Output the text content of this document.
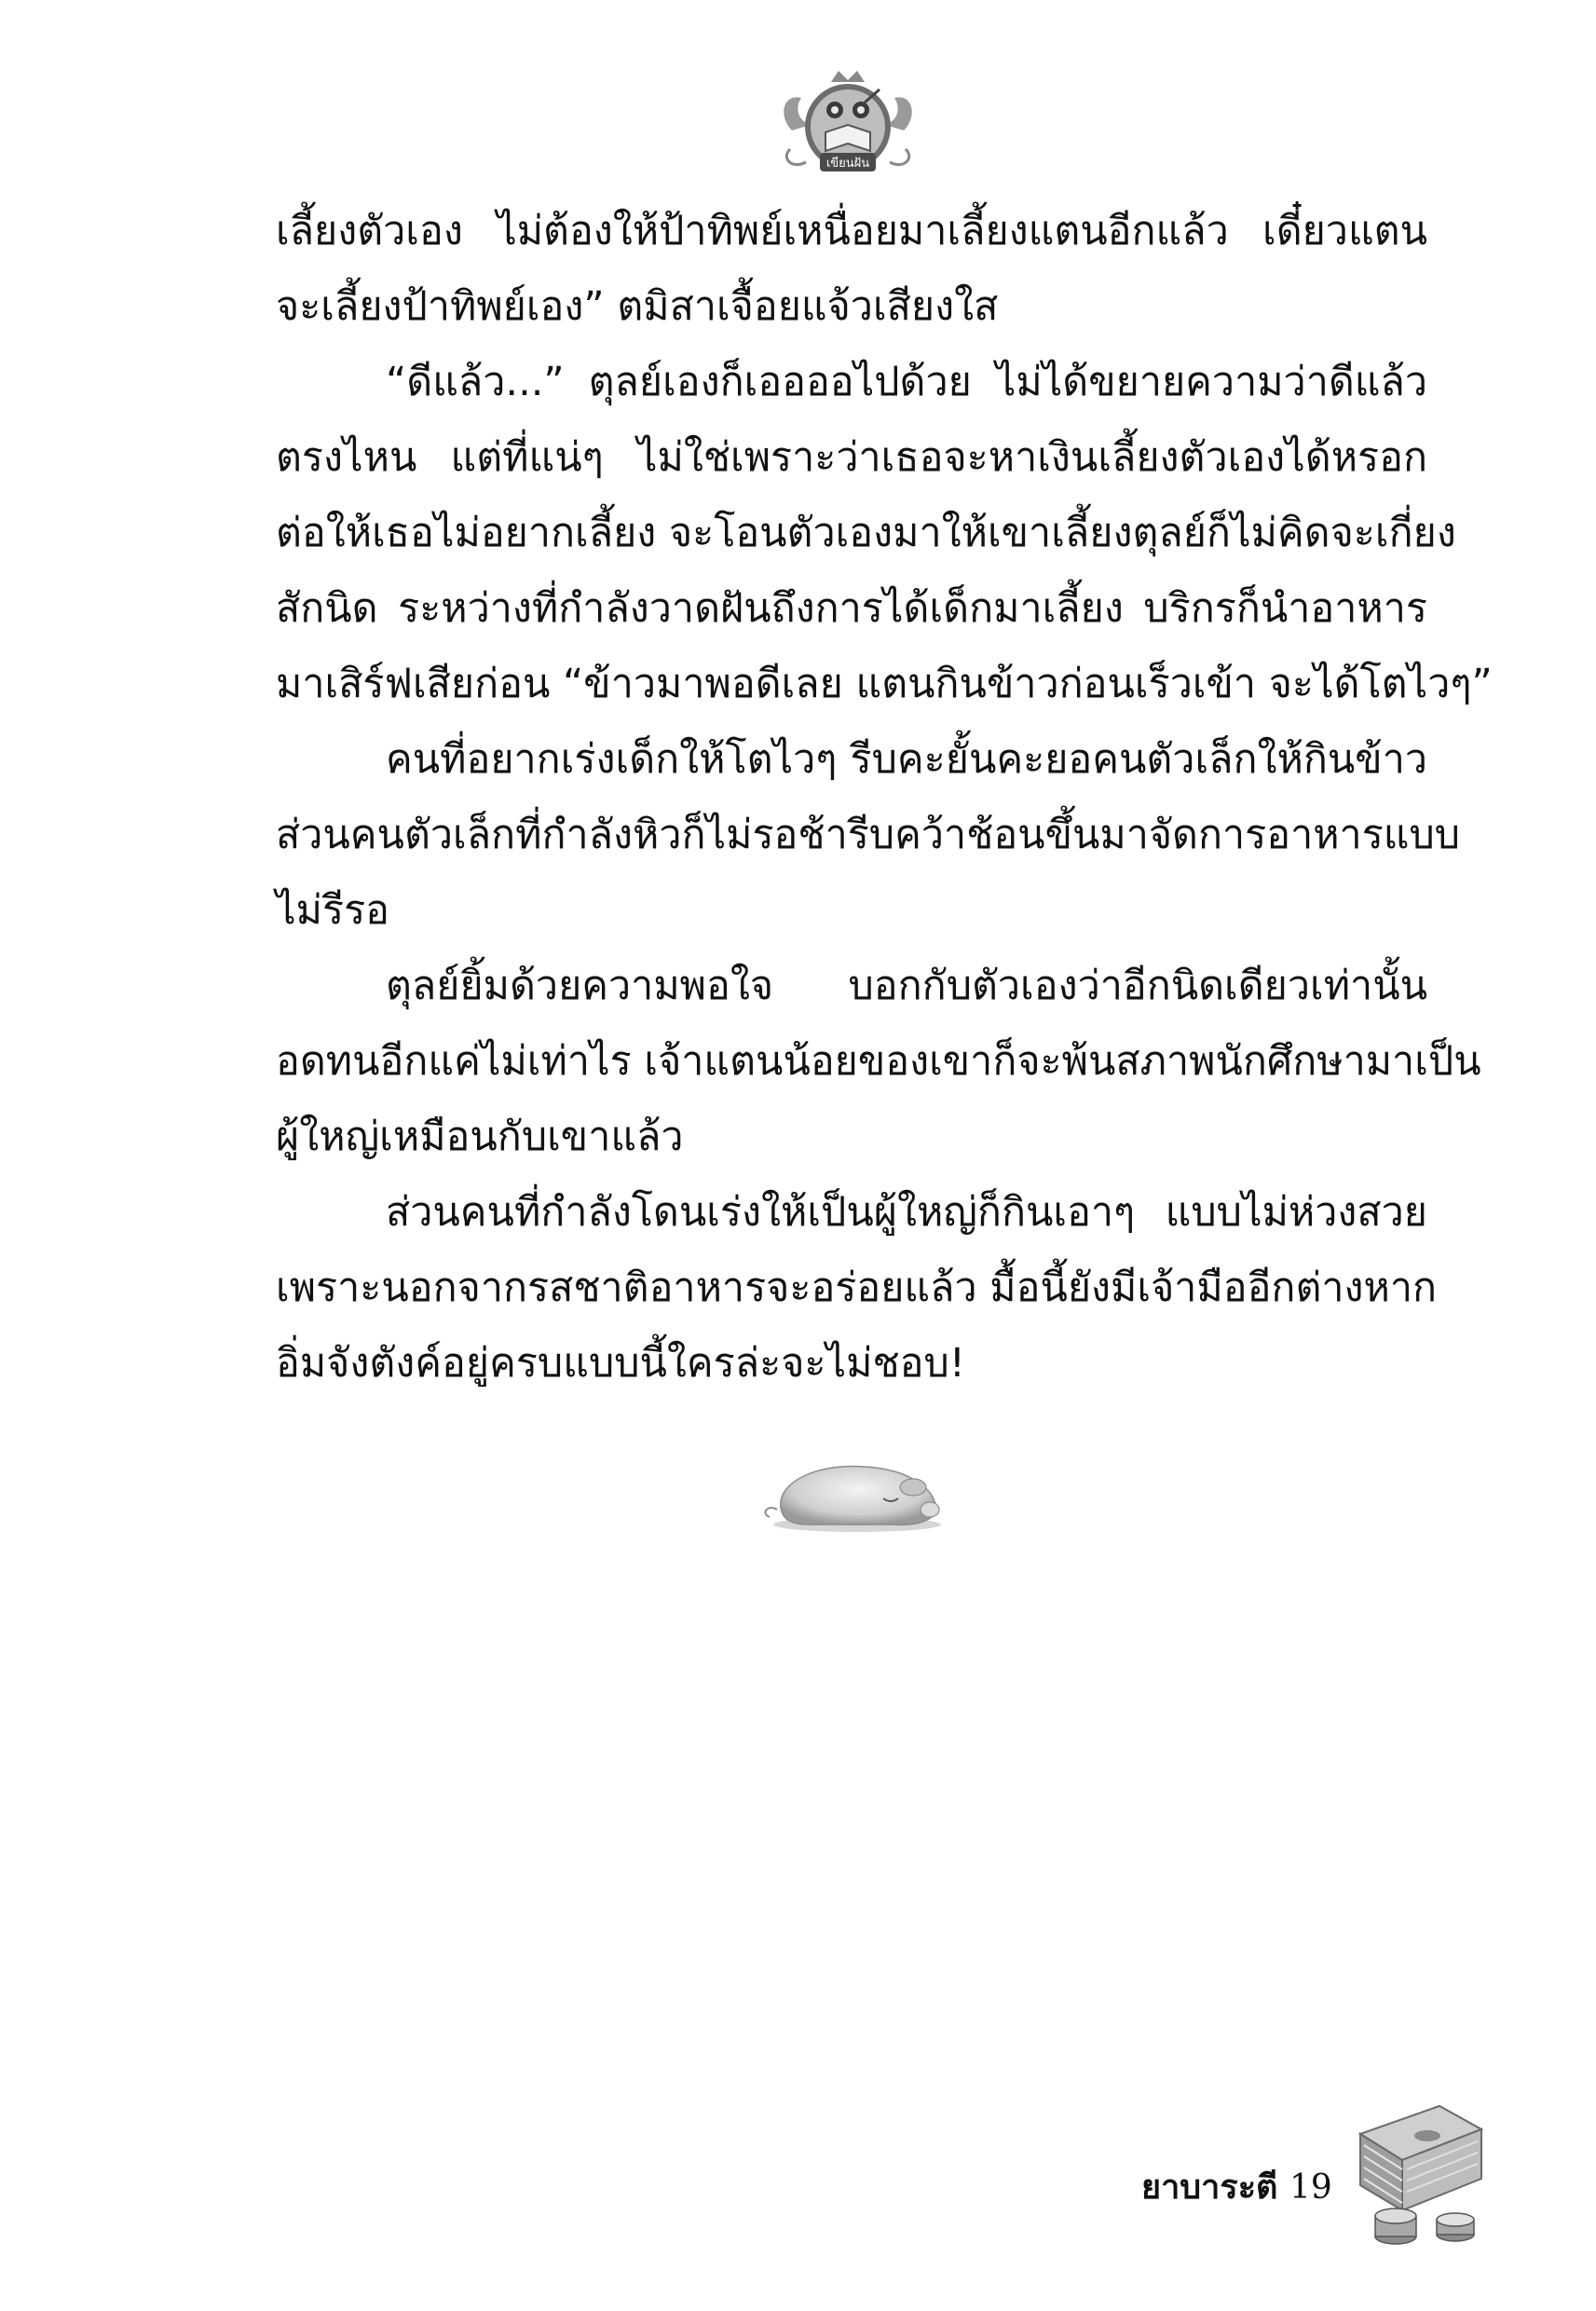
เขียนฝัน
เลี้ยงตัวเอง ไม่ต้องให้ป้าทิพย์เหนื่อยมาเลี้ยงแตนอีกแล้ว เดี๋ยวแตน
จะเลี้ยงป้าทิพย์เอง” ตมิสาเจื้อยแจ้วเสียงใส
“ดีแล้ว...” ตุลย์เองก็เออออไปด้วย ไม่ได้ขยายความว่าดีแล้ว
ตรงไหน แต่ที่แน่ๆ ไม่ใช่เพราะว่าเธอจะหาเงินเลี้ยงตัวเองได้หรอก
ต่อให้เธอไม่อยากเลี้ยง จะโอนตัวเองมาให้เขาเลี้ยงตุลย์ก็ไม่คิดจะเกี่ยง
สักนิด ระหว่างที่กำลังวาดฝันถึงการได้เด็กมาเลี้ยง บริกรก็นำอาหาร
มาเสิร์ฟเสียก่อน “ข้าวมาพอดีเลย แตนกินข้าวก่อนเร็วเข้า จะได้โตไวๆ”
คนที่อยากเร่งเด็กให้โตไวๆ รีบคะยั้นคะยอคนตัวเล็กให้กินข้าว
ส่วนคนตัวเล็กที่กำลังหิวก็ไม่รอช้ารีบคว้าช้อนขึ้นมาจัดการอาหารแบบ
ไม่รีรอ
ตุลย์ยิ้มด้วยความพอใจ บอกกับตัวเองว่าอีกนิดเดียวเท่านั้น
อดทนอีกแค่ไม่เท่าไร เจ้าแตนน้อยของเขาก็จะพ้นสภาพนักศึกษามาเป็น
ผู้ใหญ่เหมือนกับเขาแล้ว
ส่วนคนที่กำลังโดนเร่งให้เป็นผู้ใหญ่ก็กินเอาๆ แบบไม่ห่วงสวย
เพราะนอกจากรสชาติอาหารจะอร่อยแล้ว มื้อนี้ยังมีเจ้ามืออีกต่างหาก
อิ่มจังตังค์อยู่ครบแบบนี้ใครล่ะจะไม่ชอบ!
ยาบาระตี 19
